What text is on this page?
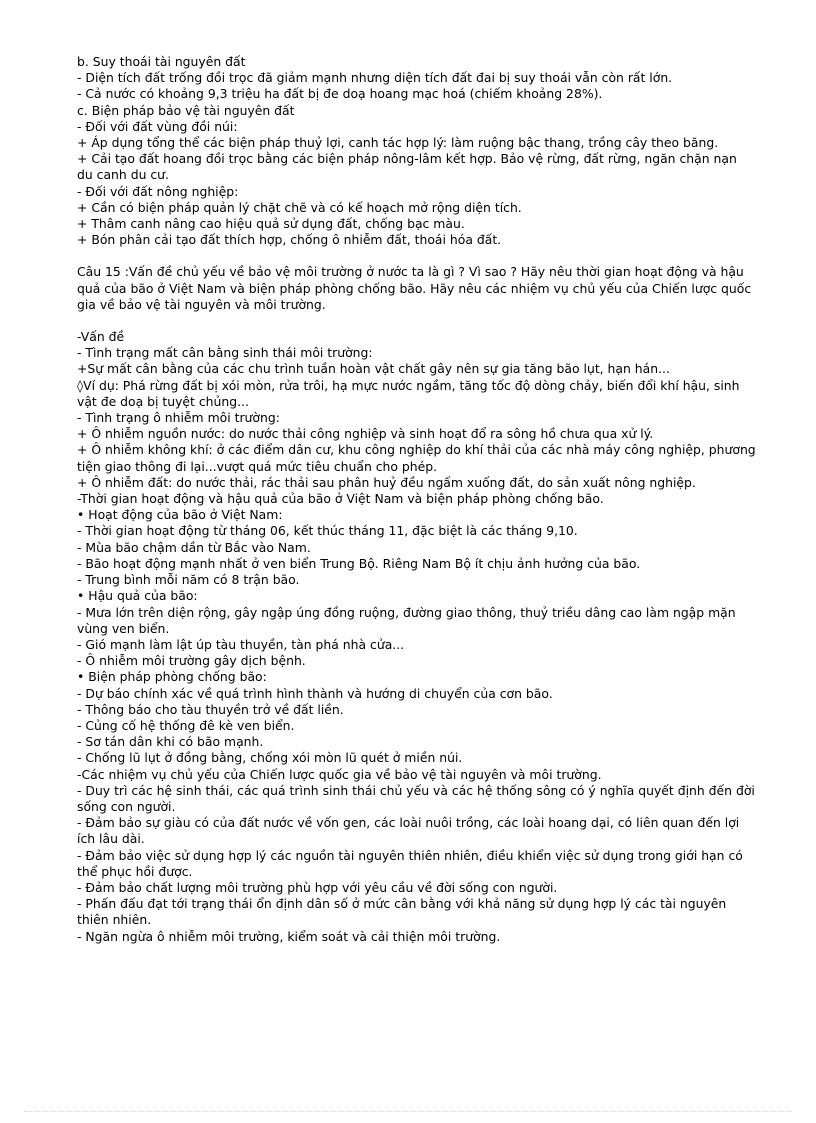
b. Suy thoái tài nguyên đất

- Diện tích đất trống đồi trọc đã giảm mạnh nhưng diện tích đất đai bị suy thoái vẫn còn rất lớn.

- Cả nước có khoảng 9,3 triệu ha đất bị đe doạ hoang mạc hoá (chiếm khoảng 28%).

c. Biện pháp bảo vệ tài nguyên đất

- Đối với đất vùng đồi núi:

+ Áp dụng tổng thể các biện pháp thuỷ lợi, canh tác hợp lý: làm ruộng bậc thang, trồng cây theo băng.

+ Cải tạo đất hoang đồi trọc bằng các biện pháp nông-lâm kết hợp. Bảo vệ rừng, đất rừng, ngăn chặn nạn du canh du cư.

- Đối với đất nông nghiệp:

+ Cần có biện pháp quản lý chặt chẽ và có kế hoạch mở rộng diện tích.

+ Thâm canh nâng cao hiệu quả sử dụng đất, chống bạc màu.

+ Bón phân cải tạo đất thích hợp, chống ô nhiễm đất, thoái hóa đất.

Câu 15 :Vấn đề chủ yếu về bảo vệ môi trường ở nước ta là gì ? Vì sao ? Hãy nêu thời gian hoạt động và hậu quả của bão ở Việt Nam và biện pháp phòng chống bão. Hãy nêu các nhiệm vụ chủ yếu của Chiến lược quốc gia về bảo vệ tài nguyên và môi trường.

-Vấn đề

- Tình trạng mất cân bằng sinh thái môi trường:

+Sự mất cân bằng của các chu trình tuần hoàn vật chất gây nên sự gia tăng bão lụt, hạn hán...

◊Ví dụ: Phá rừng đất bị xói mòn, rửa trôi, hạ mực nước ngầm, tăng tốc độ dòng chảy, biến đổi khí hậu, sinh vật đe doạ bị tuyệt chủng...

- Tình trạng ô nhiễm môi trường:

+ Ô nhiễm nguồn nước: do nước thải công nghiệp và sinh hoạt đổ ra sông hồ chưa qua xử lý.

+ Ô nhiễm không khí: ở các điểm dân cư, khu công nghiệp do khí thải của các nhà máy công nghiệp, phương tiện giao thông đi lại...vượt quá mức tiêu chuẩn cho phép.

+ Ô nhiễm đất: do nước thải, rác thải sau phân huỷ đều ngấm xuống đất, do sản xuất nông nghiệp.

-Thời gian hoạt động và hậu quả của bão ở Việt Nam và biện pháp phòng chống bão.

• Hoạt động của bão ở Việt Nam:

- Thời gian hoạt động từ tháng 06, kết thúc tháng 11, đặc biệt là các tháng 9,10.

- Mùa bão chậm dần từ Bắc vào Nam.

- Bão hoạt động mạnh nhất ở ven biển Trung Bộ. Riêng Nam Bộ ít chịu ảnh hưởng của bão.

- Trung bình mỗi năm có 8 trận bão.

• Hậu quả của bão:

- Mưa lớn trên diện rộng, gây ngập úng đồng ruộng, đường giao thông, thuỷ triều dâng cao làm ngập mặn vùng ven biển.

- Gió mạnh làm lật úp tàu thuyền, tàn phá nhà cửa...

- Ô nhiễm môi trường gây dịch bệnh.

• Biện pháp phòng chống bão:

- Dự báo chính xác về quá trình hình thành và hướng di chuyển của cơn bão.

- Thông báo cho tàu thuyền trở về đất liền.

- Củng cố hệ thống đê kè ven biển.

- Sơ tán dân khi có bão mạnh.

- Chống lũ lụt ở đồng bằng, chống xói mòn lũ quét ở miền núi.

-Các nhiệm vụ chủ yếu của Chiến lược quốc gia về bảo vệ tài nguyên và môi trường.

- Duy trì các hệ sinh thái, các quá trình sinh thái chủ yếu và các hệ thống sông có ý nghĩa quyết định đến đời sống con người.

- Đảm bảo sự giàu có của đất nước về vốn gen, các loài nuôi trồng, các loài hoang dại, có liên quan đến lợi ích lâu dài.

- Đảm bảo việc sử dụng hợp lý các nguồn tài nguyên thiên nhiên, điều khiển việc sử dụng trong giới hạn có thể phục hồi được.

- Đảm bảo chất lượng môi trường phù hợp với yêu cầu về đời sống con người.

- Phấn đấu đạt tới trạng thái ổn định dân số ở mức cân bằng với khả năng sử dụng hợp lý các tài nguyên thiên nhiên.

- Ngăn ngừa ô nhiễm môi trường, kiểm soát và cải thiện môi trường.
